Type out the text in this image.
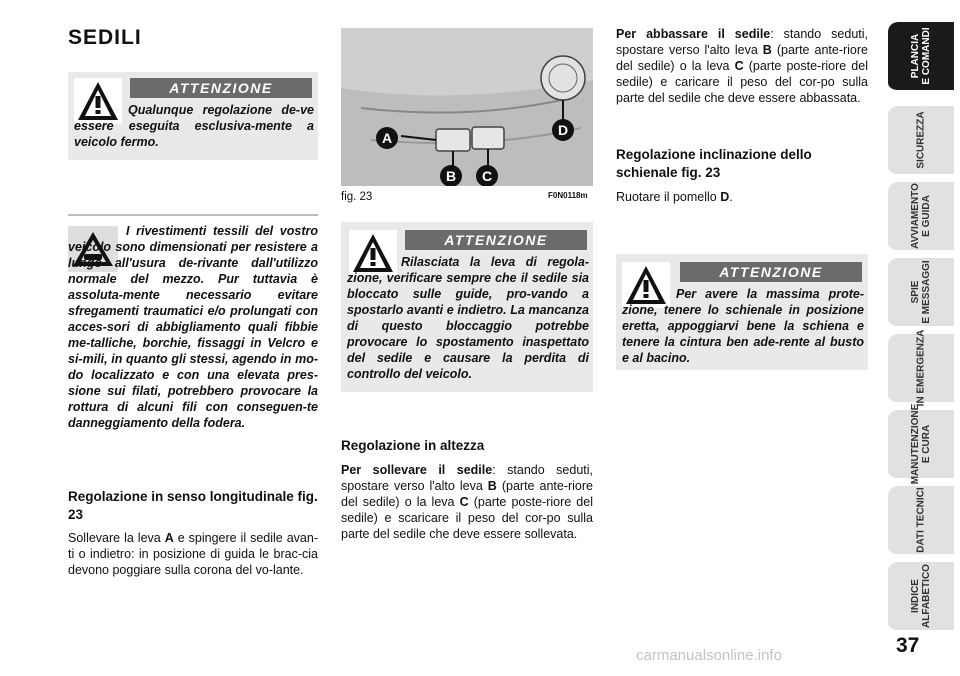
SEDILI
ATTENZIONE
Qualunque regolazione de-ve essere eseguita esclusiva-mente a veicolo fermo.
I rivestimenti tessili del vostro veicolo sono dimensionati per resistere a lungo all'usura de-rivante dall'utilizzo normale del mezzo. Pur tuttavia è assoluta-mente necessario evitare sfregamenti traumatici e/o prolungati con acces-sori di abbigliamento quali fibbie me-talliche, borchie, fissaggi in Velcro e si-mili, in quanto gli stessi, agendo in mo-do localizzato e con una elevata pres-sione sui filati, potrebbero provocare la rottura di alcuni fili con conseguen-te danneggiamento della fodera.
Regolazione in senso longitudinale fig. 23
Sollevare la leva A e spingere il sedile avan-ti o indietro: in posizione di guida le brac-cia devono poggiare sulla corona del vo-lante.
A
B C
D
fig. 23	F0N0118m
ATTENZIONE
Rilasciata la leva di regola-zione, verificare sempre che il sedile sia bloccato sulle guide, pro-vando a spostarlo avanti e indietro. La mancanza di questo bloccaggio potrebbe provocare lo spostamento inaspettato del sedile e causare la perdita di controllo del veicolo.
Regolazione in altezza
Per sollevare il sedile: stando seduti, spostare verso l'alto leva B (parte ante-riore del sedile) o la leva C (parte poste-riore del sedile) e scaricare il peso del cor-po sulla parte del sedile che deve essere sollevata.
Per abbassare il sedile: stando seduti, spostare verso l'alto leva B (parte ante-riore del sedile) o la leva C (parte poste-riore del sedile) e caricare il peso del cor-po sulla parte del sedile che deve essere abbassata.
Regolazione inclinazione dello schienale fig. 23
Ruotare il pomello D.
ATTENZIONE
Per avere la massima prote-zione, tenere lo schienale in posizione eretta, appoggiarvi bene la schiena e tenere la cintura ben ade-rente al busto e al bacino.
PLANCIA
E COMANDI
SICUREZZA
AVVIAMENTO
E GUIDA
SPIE
E MESSAGGI
IN EMERGENZA
MANUTENZIONE
E CURA
DATI TECNICI
INDICE
ALFABETICO
37
carmanualsonline.info
